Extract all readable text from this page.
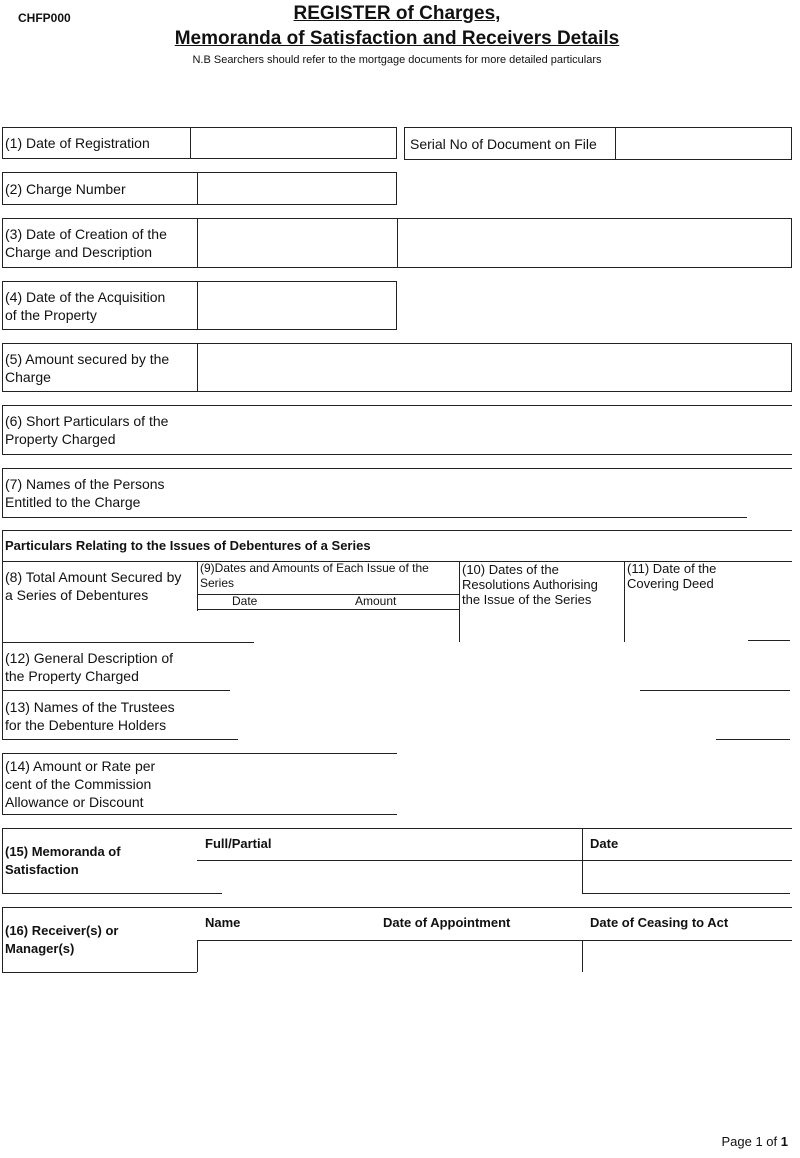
CHFP000	REGISTER of Charges,
Memoranda of Satisfaction and Receivers Details
N.B Searchers should refer to the mortgage documents for more detailed particulars
(1) Date of Registration	Serial No of Document on File
(2) Charge Number
(3) Date of Creation of the
Charge and Description
(4) Date of the Acquisition
of the Property
(5) Amount secured by the
Charge
(6) Short Particulars of the
Property Charged
(7) Names of the Persons
Entitled to the Charge
Particulars Relating to the Issues of Debentures of a Series
(8) Total Amount Secured by
a Series of Debentures
(9)Dates and Amounts of Each Issue of the
Series
Date	Amount
(10) Dates of the
Resolutions Authorising
the Issue of the Series
(11) Date of the
Covering Deed
(12) General Description of
the Property Charged
(13) Names of the Trustees
for the Debenture Holders
(14) Amount or Rate per
cent of the Commission
Allowance or Discount
(15) Memoranda of
Satisfaction
Full/Partial	Date
(16) Receiver(s) or
Manager(s)
Name	Date of Appointment	Date of Ceasing to Act
Page 1 of 1
